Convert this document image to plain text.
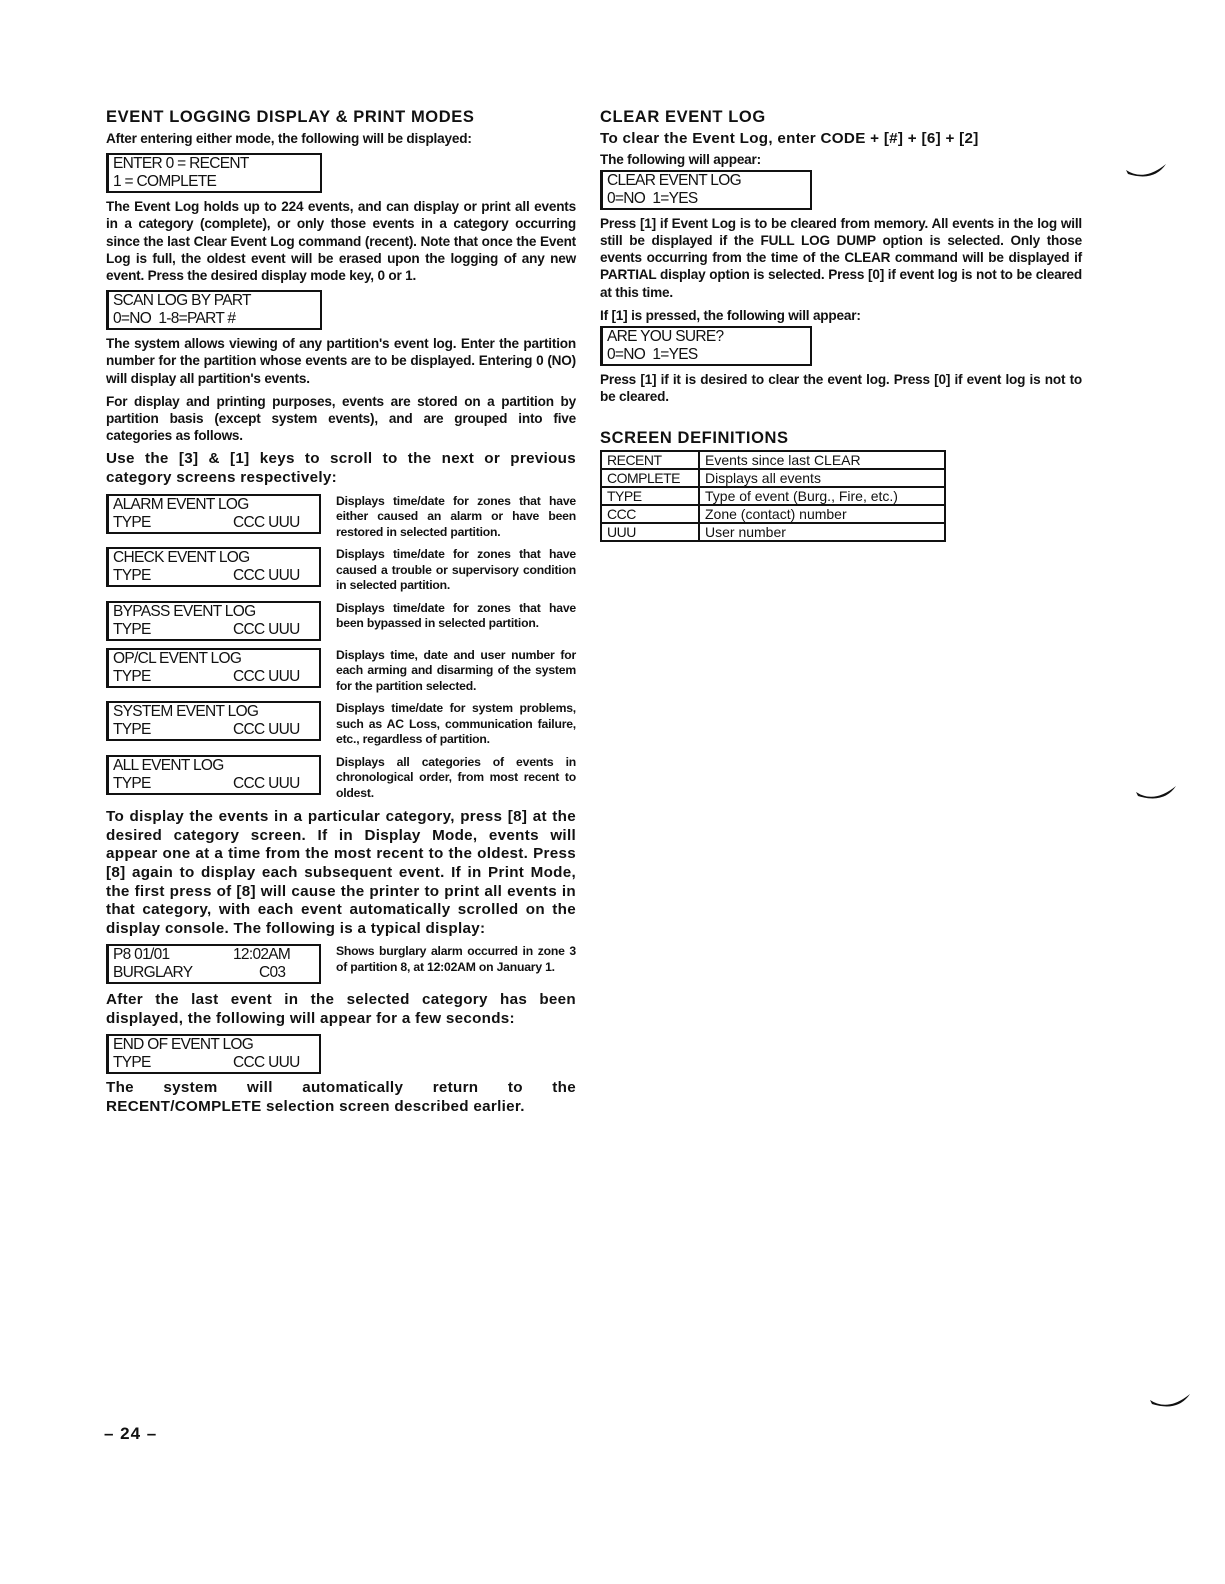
EVENT LOGGING DISPLAY & PRINT MODES

After entering either mode, the following will be displayed:

ENTER 0 = RECENT
1 = COMPLETE

The Event Log holds up to 224 events, and can display or print all events in a category (complete), or only those events in a category occurring since the last Clear Event Log command (recent). Note that once the Event Log is full, the oldest event will be erased upon the logging of any new event. Press the desired display mode key, 0 or 1.

SCAN LOG BY PART
0=NO  1-8=PART #

The system allows viewing of any partition's event log. Enter the partition number for the partition whose events are to be displayed. Entering 0 (NO) will display all partition's events.

For display and printing purposes, events are stored on a partition by partition basis (except system events), and are grouped into five categories as follows.

Use the [3] & [1] keys to scroll to the next or previous category screens respectively:

ALARM EVENT LOG
TYPE	CCC UUU

Displays time/date for zones that have either caused an alarm or have been restored in selected partition.

CHECK EVENT LOG
TYPE	CCC UUU

Displays time/date for zones that have caused a trouble or supervisory condition in selected partition.

BYPASS EVENT LOG
TYPE	CCC UUU

Displays time/date for zones that have been bypassed in selected partition.

OP/CL EVENT LOG
TYPE	CCC UUU

Displays time, date and user number for each arming and disarming of the system for the partition selected.

SYSTEM EVENT LOG
TYPE	CCC UUU

Displays time/date for system problems, such as AC Loss, communication failure, etc., regardless of partition.

ALL EVENT LOG
TYPE	CCC UUU

Displays all categories of events in chronological order, from most recent to oldest.

To display the events in a particular category, press [8] at the desired category screen. If in Display Mode, events will appear one at a time from the most recent to the oldest. Press [8] again to display each subsequent event. If in Print Mode, the first press of [8] will cause the printer to print all events in that category, with each event automatically scrolled on the display console. The following is a typical display:

P8 01/01	12:02AM
BURGLARY	C03

Shows burglary alarm occurred in zone 3 of partition 8, at 12:02AM on January 1.

After the last event in the selected category has been displayed, the following will appear for a few seconds:

END OF EVENT LOG
TYPE	CCC UUU

The system will automatically return to the RECENT/COMPLETE selection screen described earlier.

CLEAR EVENT LOG

To clear the Event Log, enter CODE + [#] + [6] + [2]

The following will appear:

CLEAR EVENT LOG
0=NO  1=YES

Press [1] if Event Log is to be cleared from memory. All events in the log will still be displayed if the FULL LOG DUMP option is selected. Only those events occurring from the time of the CLEAR command will be displayed if PARTIAL display option is selected. Press [0] if event log is not to be cleared at this time.

If [1] is pressed, the following will appear:

ARE YOU SURE?
0=NO  1=YES

Press [1] if it is desired to clear the event log. Press [0] if event log is not to be cleared.

SCREEN DEFINITIONS
RECENT	Events since last CLEAR
COMPLETE	Displays all events
TYPE	Type of event (Burg., Fire, etc.)
CCC	Zone (contact) number
UUU	User number
– 24 –
